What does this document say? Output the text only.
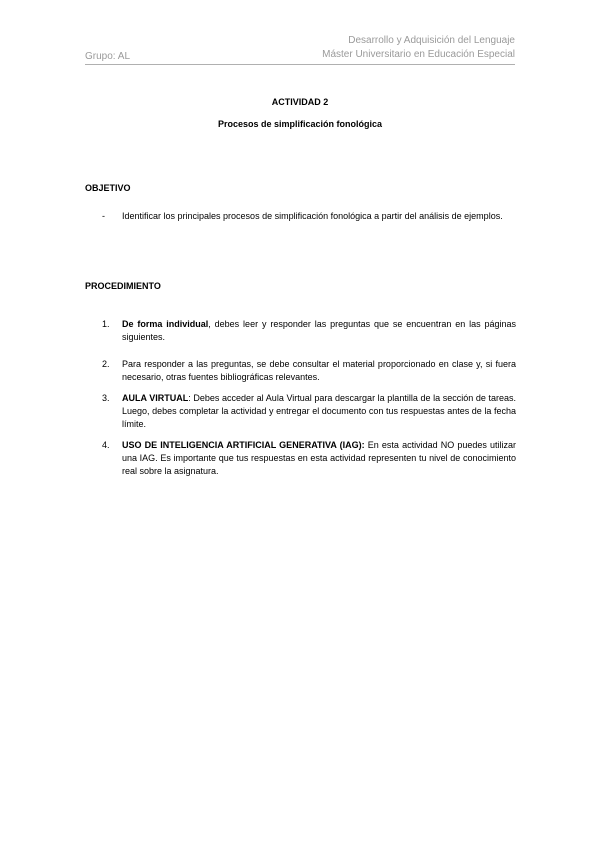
Grupo: AL
Desarrollo y Adquisición del Lenguaje
Máster Universitario en Educación Especial
ACTIVIDAD 2
Procesos de simplificación fonológica
OBJETIVO
- Identificar los principales procesos de simplificación fonológica a partir del análisis de ejemplos.
PROCEDIMIENTO
1. De forma individual, debes leer y responder las preguntas que se encuentran en las páginas siguientes.
2. Para responder a las preguntas, se debe consultar el material proporcionado en clase y, si fuera necesario, otras fuentes bibliográficas relevantes.
3. AULA VIRTUAL: Debes acceder al Aula Virtual para descargar la plantilla de la sección de tareas. Luego, debes completar la actividad y entregar el documento con tus respuestas antes de la fecha límite.
4. USO DE INTELIGENCIA ARTIFICIAL GENERATIVA (IAG): En esta actividad NO puedes utilizar una IAG. Es importante que tus respuestas en esta actividad representen tu nivel de conocimiento real sobre la asignatura.
